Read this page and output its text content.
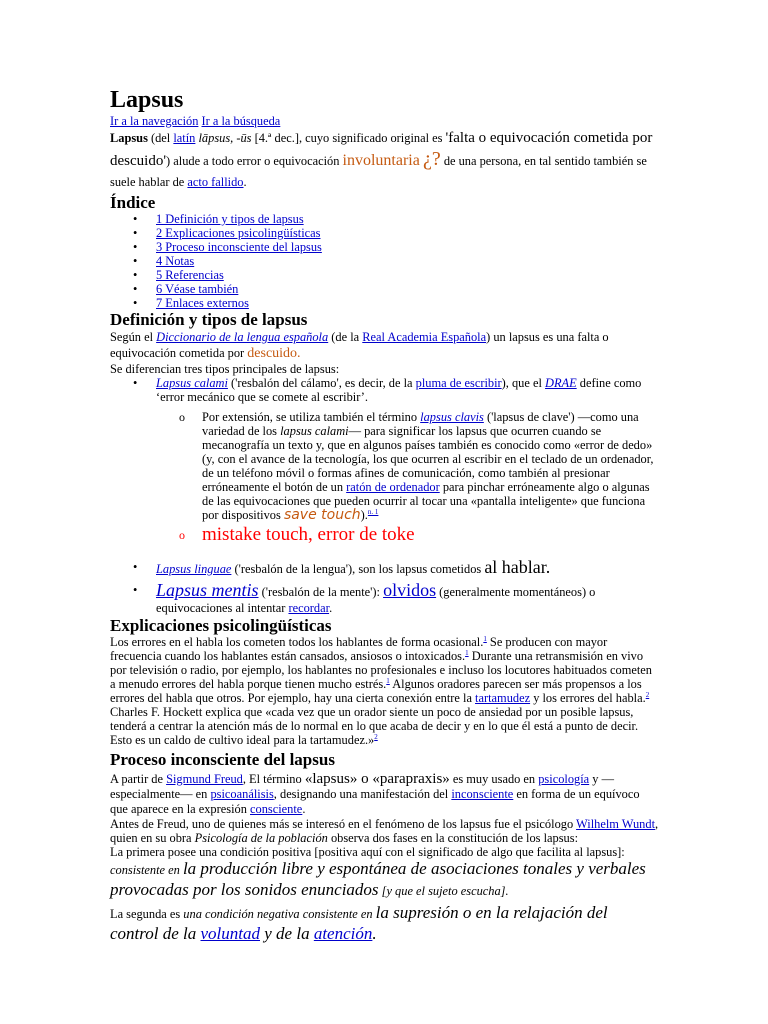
Lapsus
Ir a la navegación Ir a la búsqueda

Lapsus (del latín lāpsus, -ūs [4.ª dec.], cuyo significado original es 'falta o equivocación cometida por descuido') alude a todo error o equivocación involuntaria ¿? de una persona, en tal sentido también se suele hablar de acto fallido.

Índice
• 1 Definición y tipos de lapsus
• 2 Explicaciones psicolingüísticas
• 3 Proceso inconsciente del lapsus
• 4 Notas
• 5 Referencias
• 6 Véase también
• 7 Enlaces externos
Definición y tipos de lapsus

Según el Diccionario de la lengua española (de la Real Academia Española) un lapsus es una falta o equivocación cometida por descuido.

Se diferencian tres tipos principales de lapsus:

• Lapsus calami ('resbalón del cálamo', es decir, de la pluma de escribir), que el DRAE define como ‘error mecánico que se comete al escribir’.
o Por extensión, se utiliza también el término lapsus clavis ('lapsus de clave') —como una variedad de los lapsus calami— para significar los lapsus que ocurren cuando se mecanografía un texto y, que en algunos países también es conocido como «error de dedo» (y, con el avance de la tecnología, los que ocurren al escribir en el teclado de un ordenador, de un teléfono móvil o formas afines de comunicación, como también al presionar erróneamente el botón de un ratón de ordenador para pinchar erróneamente algo o algunas de las equivocaciones que pueden ocurrir al tocar una «pantalla inteligente» que funciona por dispositivos save touch).$^{n. 1}$
o mistake touch, error de toke
• Lapsus linguae ('resbalón de la lengua'), son los lapsus cometidos al hablar.
• Lapsus mentis ('resbalón de la mente'): olvidos (generalmente momentáneos) o equivocaciones al intentar recordar.
Explicaciones psicolingüísticas

Los errores en el habla los cometen todos los hablantes de forma ocasional.$^1$ Se producen con mayor frecuencia cuando los hablantes están cansados, ansiosos o intoxicados.$^1$ Durante una retransmisión en vivo por televisión o radio, por ejemplo, los hablantes no profesionales e incluso los locutores habituados cometen a menudo errores del habla porque tienen mucho estrés.$^1$ Algunos oradores parecen ser más propensos a los errores del habla que otros. Por ejemplo, hay una cierta conexión entre la tartamudez y los errores del habla.$^2$ Charles F. Hockett explica que «cada vez que un orador siente un poco de ansiedad por un posible lapsus, tenderá a centrar la atención más de lo normal en lo que acaba de decir y en lo que él está a punto de decir. Esto es un caldo de cultivo ideal para la tartamudez.»$^2$

Proceso inconsciente del lapsus

A partir de Sigmund Freud, El término «lapsus» o «parapraxis» es muy usado en psicología y —especialmente— en psicoanálisis, designando una manifestación del inconsciente en forma de un equívoco que aparece en la expresión consciente.

Antes de Freud, uno de quienes más se interesó en el fenómeno de los lapsus fue el psicólogo Wilhelm Wundt, quien en su obra Psicología de la población observa dos fases en la constitución de los lapsus:

La primera posee una condición positiva [positiva aquí con el significado de algo que facilita al lapsus]:

consistente en la producción libre y espontánea de asociaciones tonales y verbales provocadas por los sonidos enunciados [y que el sujeto escucha].

La segunda es una condición negativa consistente en la supresión o en la relajación del control de la voluntad y de la atención.
